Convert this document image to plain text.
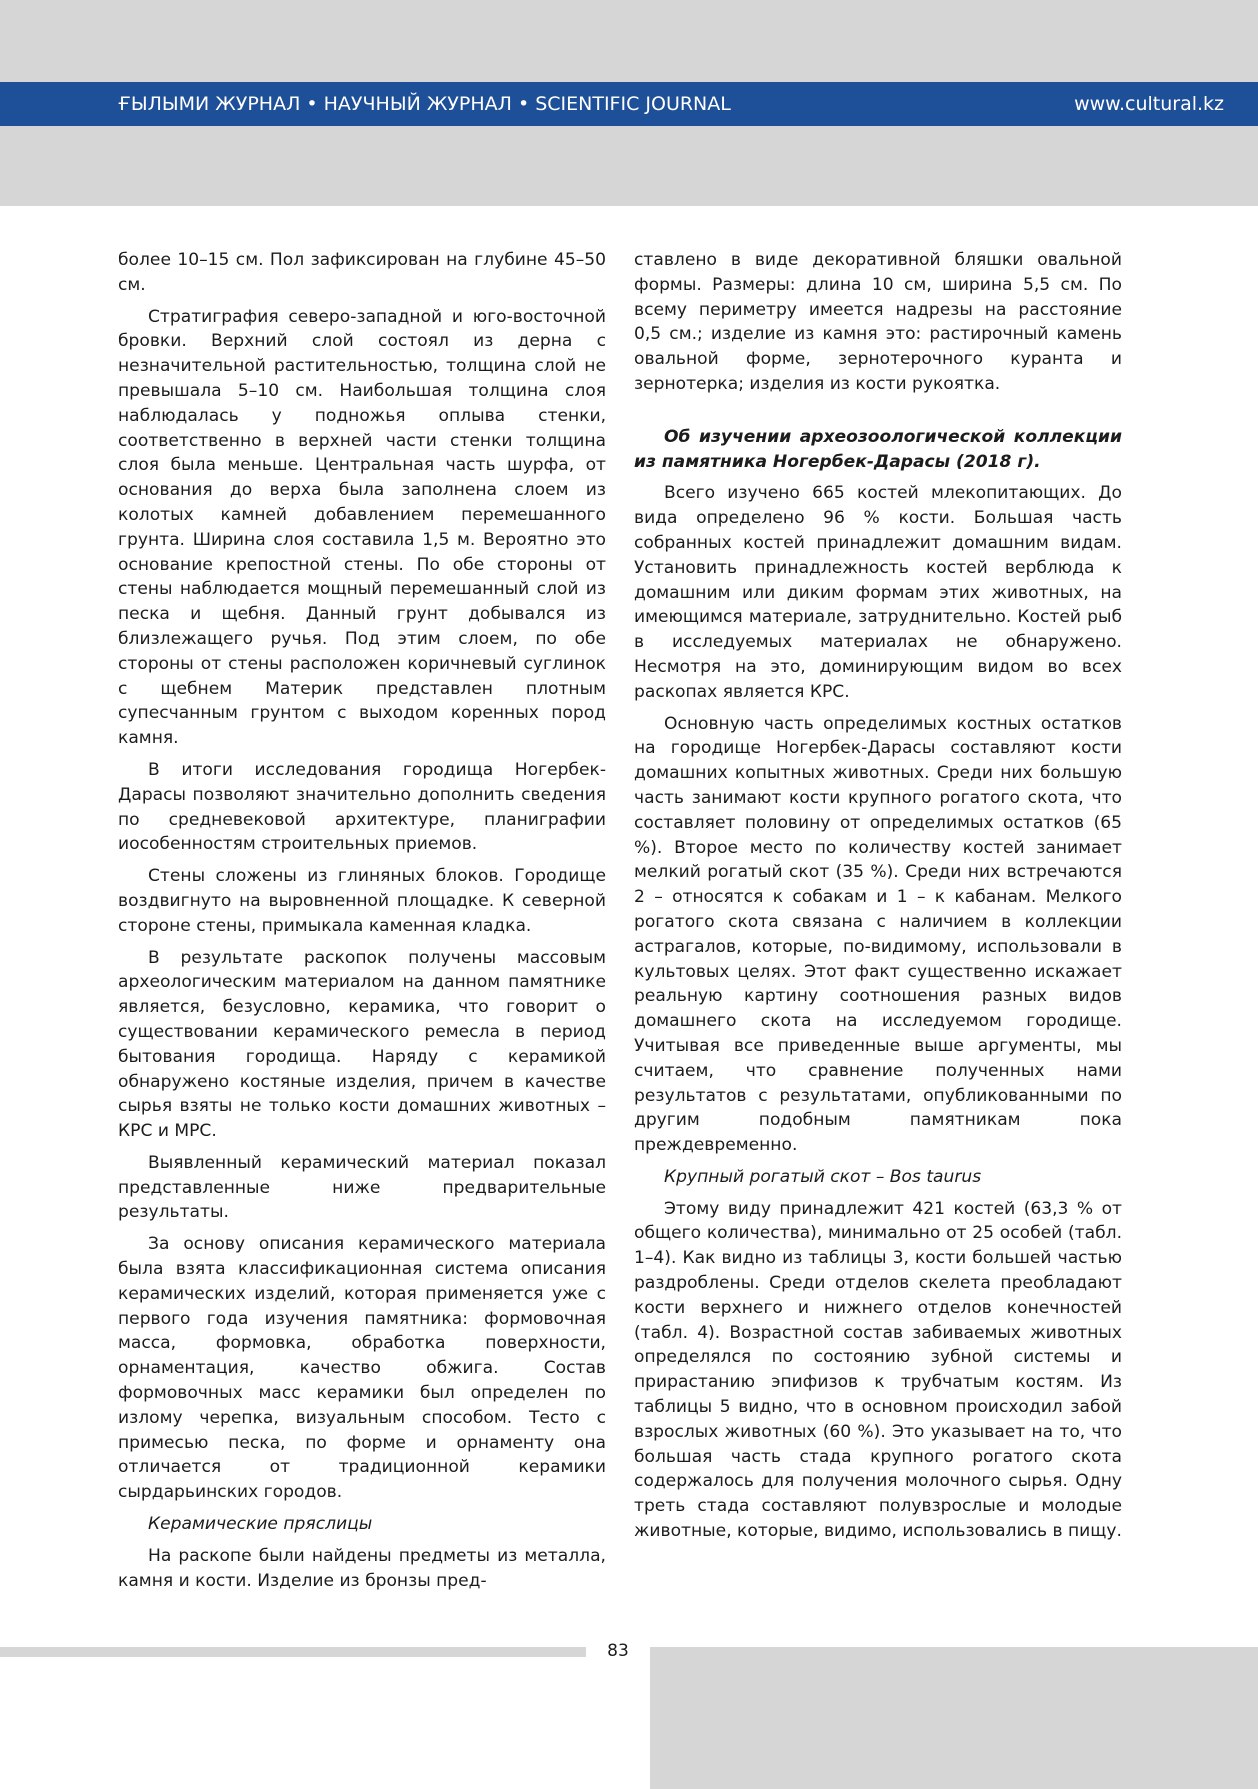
ҒЫЛЫМИ ЖУРНАЛ • НАУЧНЫЙ ЖУРНАЛ • SCIENTIFIC JOURNAL	www.cultural.kz

более 10–15 см. Пол зафиксирован на глубине 45–50 см.

Стратиграфия северо-западной и юго-восточной бровки. Верхний слой состоял из дерна с незначительной растительностью, толщина слой не превышала 5–10 см. Наибольшая толщина слоя наблюдалась у подножья оплыва стенки, соответственно в верхней части стенки толщина слоя была меньше. Центральная часть шурфа, от основания до верха была заполнена слоем из колотых камней добавлением перемешанного грунта. Ширина слоя составила 1,5 м. Вероятно это основание крепостной стены. По обе стороны от стены наблюдается мощный перемешанный слой из песка и щебня. Данный грунт добывался из близлежащего ручья. Под этим слоем, по обе стороны от стены расположен коричневый суглинок с щебнем Материк представлен плотным супесчанным грунтом с выходом коренных пород камня.

В итоги исследования городища Ногербек-Дарасы позволяют значительно дополнить сведения по средневековой архитектуре, планиграфии иособенностям строительных приемов.

Стены сложены из глиняных блоков. Городище воздвигнуто на выровненной площадке. К северной стороне стены, примыкала каменная кладка.

В результате раскопок получены массовым археологическим материалом на данном памятнике является, безусловно, керамика, что говорит о существовании керамического ремесла в период бытования городища. Наряду с керамикой обнаружено костяные изделия, причем в качестве сырья взяты не только кости домашних животных – КРС и МРС.

Выявленный керамический материал показал представленные ниже предварительные результаты.

За основу описания керамического материала была взята классификационная система описания керамических изделий, которая применяется уже с первого года изучения памятника: формовочная масса, формовка, обработка поверхности, орнаментация, качество обжига. Состав формовочных масс керамики был определен по излому черепка, визуальным способом. Тесто с примесью песка, по форме и орнаменту она отличается от традиционной керамики сырдарьинских городов.

Керамические пряслицы

На раскопе были найдены предметы из металла, камня и кости. Изделие из бронзы пред-

ставлено в виде декоративной бляшки овальной формы. Размеры: длина 10 см, ширина 5,5 см. По всему периметру имеется надрезы на расстояние 0,5 см.; изделие из камня это: растирочный камень овальной форме, зернотерочного куранта и зернотерка; изделия из кости рукоятка.

Об изучении археозоологической коллекции из памятника Ногербек-Дарасы (2018 г).

Всего изучено 665 костей млекопитающих. До вида определено 96 % кости. Большая часть собранных костей принадлежит домашним видам. Установить принадлежность костей верблюда к домашним или диким формам этих животных, на имеющимся материале, затруднительно. Костей рыб в исследуемых материалах не обнаружено. Несмотря на это, доминирующим видом во всех раскопах является КРС.

Основную часть определимых костных остатков на городище Ногербек-Дарасы составляют кости домашних копытных животных. Среди них большую часть занимают кости крупного рогатого скота, что составляет половину от определимых остатков (65 %). Второе место по количеству костей занимает мелкий рогатый скот (35 %). Среди них встречаются 2 – относятся к собакам и 1 – к кабанам. Мелкого рогатого скота связана с наличием в коллекции астрагалов, которые, по-видимому, использовали в культовых целях. Этот факт существенно искажает реальную картину соотношения разных видов домашнего скота на исследуемом городище. Учитывая все приведенные выше аргументы, мы считаем, что сравнение полученных нами результатов с результатами, опубликованными по другим подобным памятникам пока преждевременно.

Крупный рогатый скот – Bos taurus

Этому виду принадлежит 421 костей (63,3 % от общего количества), минимально от 25 особей (табл. 1–4). Как видно из таблицы 3, кости большей частью раздроблены. Среди отделов скелета преобладают кости верхнего и нижнего отделов конечностей (табл. 4). Возрастной состав забиваемых животных определялся по состоянию зубной системы и прирастанию эпифизов к трубчатым костям. Из таблицы 5 видно, что в основном происходил забой взрослых животных (60 %). Это указывает на то, что большая часть стада крупного рогатого скота содержалось для получения молочного сырья. Одну треть стада составляют полувзрослые и молодые животные, которые, видимо, использовались в пищу.

83
